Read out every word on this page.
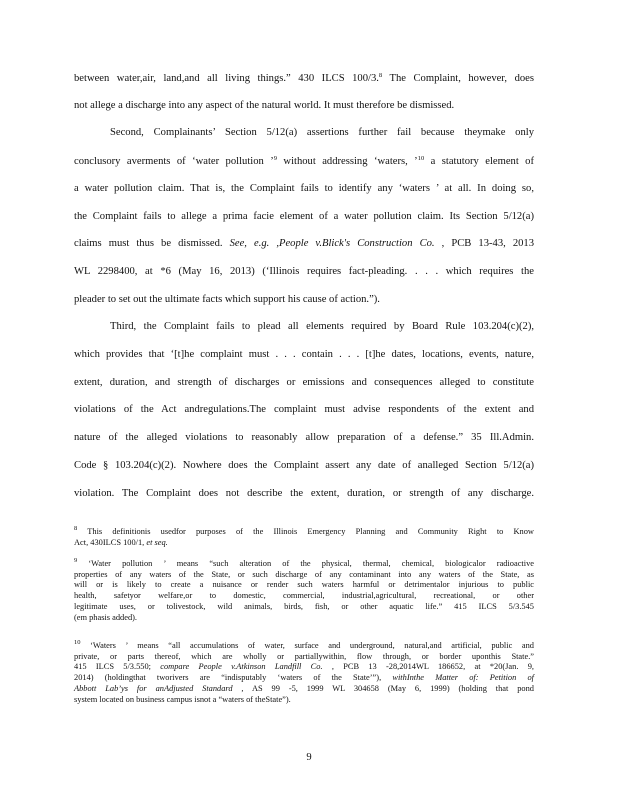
between water,air, land,and all living things.” 430 ILCS 100/3.$^8$ The Complaint, however, does
not allege a discharge into any aspect of the natural world. It must therefore be dismissed.
Second, Complainants’ Section 5/12(a) assertions further fail because theymake only
conclusory averments of ‘water pollution ’$^9$ without addressing ‘waters, ’$^{10}$ a statutory element of
a water pollution claim. That is, the Complaint fails to identify any ‘waters ’ at all. In doing so,
the Complaint fails to allege a prima facie element of a water pollution claim. Its Section 5/12(a)
claims must thus be dismissed. See, e.g. ,People v.Blick's Construction Co. , PCB 13-43, 2013
WL 2298400, at *6 (May 16, 2013) (‘Illinois requires fact-pleading. . . . which requires the
pleader to set out the ultimate facts which support his cause of action.”).
Third, the Complaint fails to plead all elements required by Board Rule 103.204(c)(2),
which provides that ‘[t]he complaint must . . . contain . . . [t]he dates, locations, events, nature,
extent, duration, and strength of discharges or emissions and consequences alleged to constitute
violations of the Act andregulations.The complaint must advise respondents of the extent and
nature of the alleged violations to reasonably allow preparation of a defense.” 35 Ill.Admin.
Code § 103.204(c)(2). Nowhere does the Complaint assert any date of analleged Section 5/12(a)
violation. The Complaint does not describe the extent, duration, or strength of any discharge.
$^8$ This definitionis usedfor purposes of the Illinois Emergency Planning and Community Right to Know
Act, 430ILCS 100/1, et seq.
$^9$ ‘Water pollution ’ means “such alteration of the physical, thermal, chemical, biologicalor radioactive
properties of any waters of the State, or such discharge of any contaminant into any waters of the State, as
will or is likely to create a nuisance or render such waters harmful or detrimentalor injurious to public
health, safetyor welfare,or to domestic, commercial, industrial,agricultural, recreational, or other
legitimate uses, or tolivestock, wild animals, birds, fish, or other aquatic life.” 415 ILCS 5/3.545
(em phasis added).
$^{10}$ ‘Waters ’ means “all accumulations of water, surface and underground, natural,and artificial, public and
private, or parts thereof, which are wholly or partiallywithin, flow through, or border uponthis State.”
415 ILCS 5/3.550; compare People v.Atkinson Landfill Co. , PCB 13 -28,2014WL 186652, at *20(Jan. 9,
2014) (holdingthat tworivers are “indisputably ‘waters of the State’”), withInthe Matter of: Petition of
Abbott Lab’ys for anAdjusted Standard , AS 99 -5, 1999 WL 304658 (May 6, 1999) (holding that pond
system located on business campus isnot a “waters of theState”).
9
